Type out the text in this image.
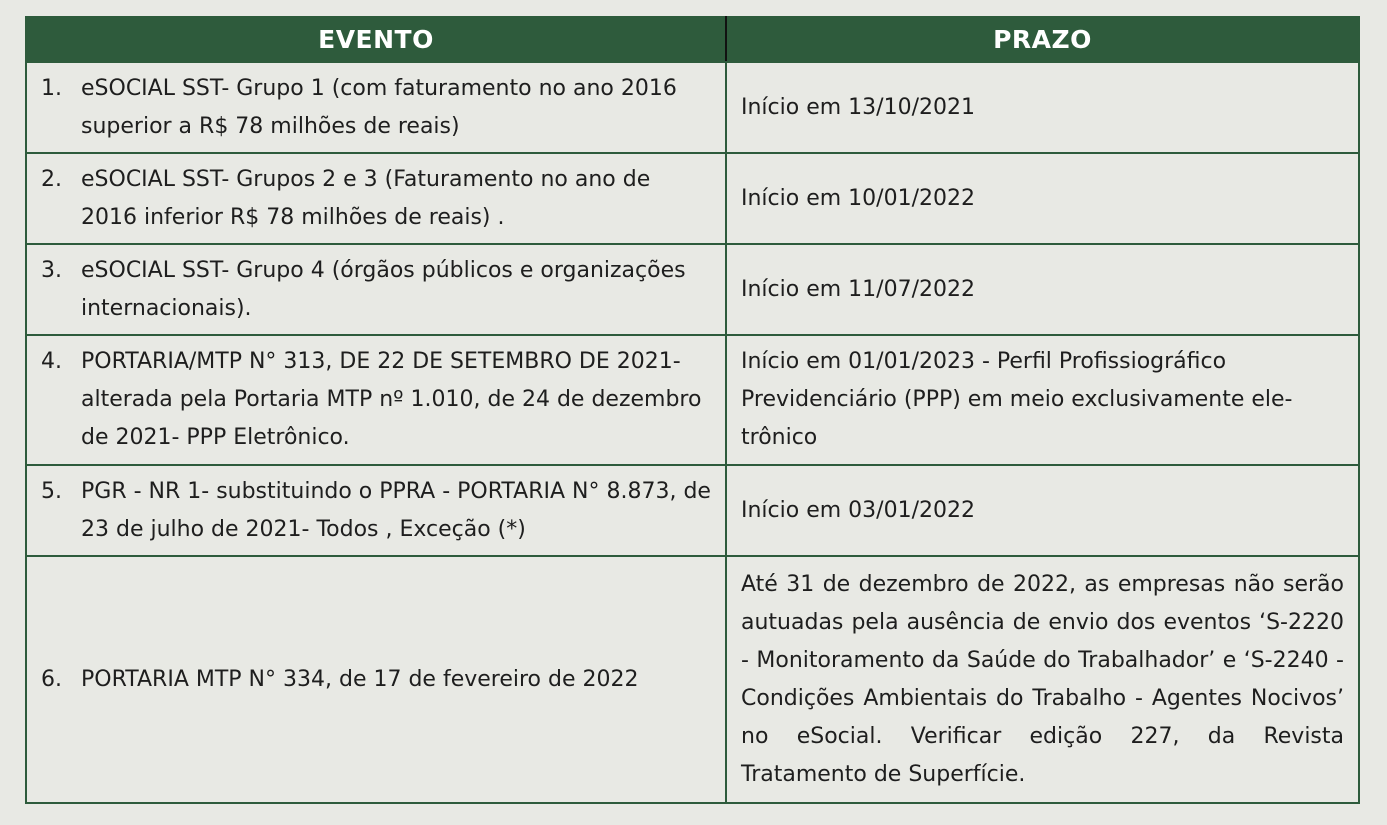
EVENTO	PRAZO

1. eSOCIAL SST- Grupo 1 (com faturamento no ano 2016 superior a R$ 78 milhões de reais)	Início em 13/10/2021

2. eSOCIAL SST- Grupos 2 e 3 (Faturamento no ano de 2016 inferior R$ 78 milhões de reais) .	Início em 10/01/2022

3. eSOCIAL SST- Grupo 4 (órgãos públicos e organizações internacionais).	Início em 11/07/2022

4. PORTARIA/MTP N° 313, DE 22 DE SETEMBRO DE 2021- alterada pela Portaria MTP nº 1.010, de 24 de dezembro de 2021- PPP Eletrônico.	Início em 01/01/2023 - Perfil Profissiográfico Previdenciário (PPP) em meio exclusivamente ele-trônico

5. PGR - NR 1- substituindo o PPRA - PORTARIA N° 8.873, de 23 de julho de 2021- Todos , Exceção (*)	Início em 03/01/2022

6. PORTARIA MTP N° 334, de 17 de fevereiro de 2022	Até 31 de dezembro de 2022, as empresas não serão autuadas pela ausência de envio dos eventos ‘S-2220 - Monitoramento da Saúde do Trabalhador’ e ‘S-2240 - Condições Ambientais do Trabalho - Agentes Nocivos’ no eSocial. Verificar edição 227, da Revista Tratamento de Superfície.
